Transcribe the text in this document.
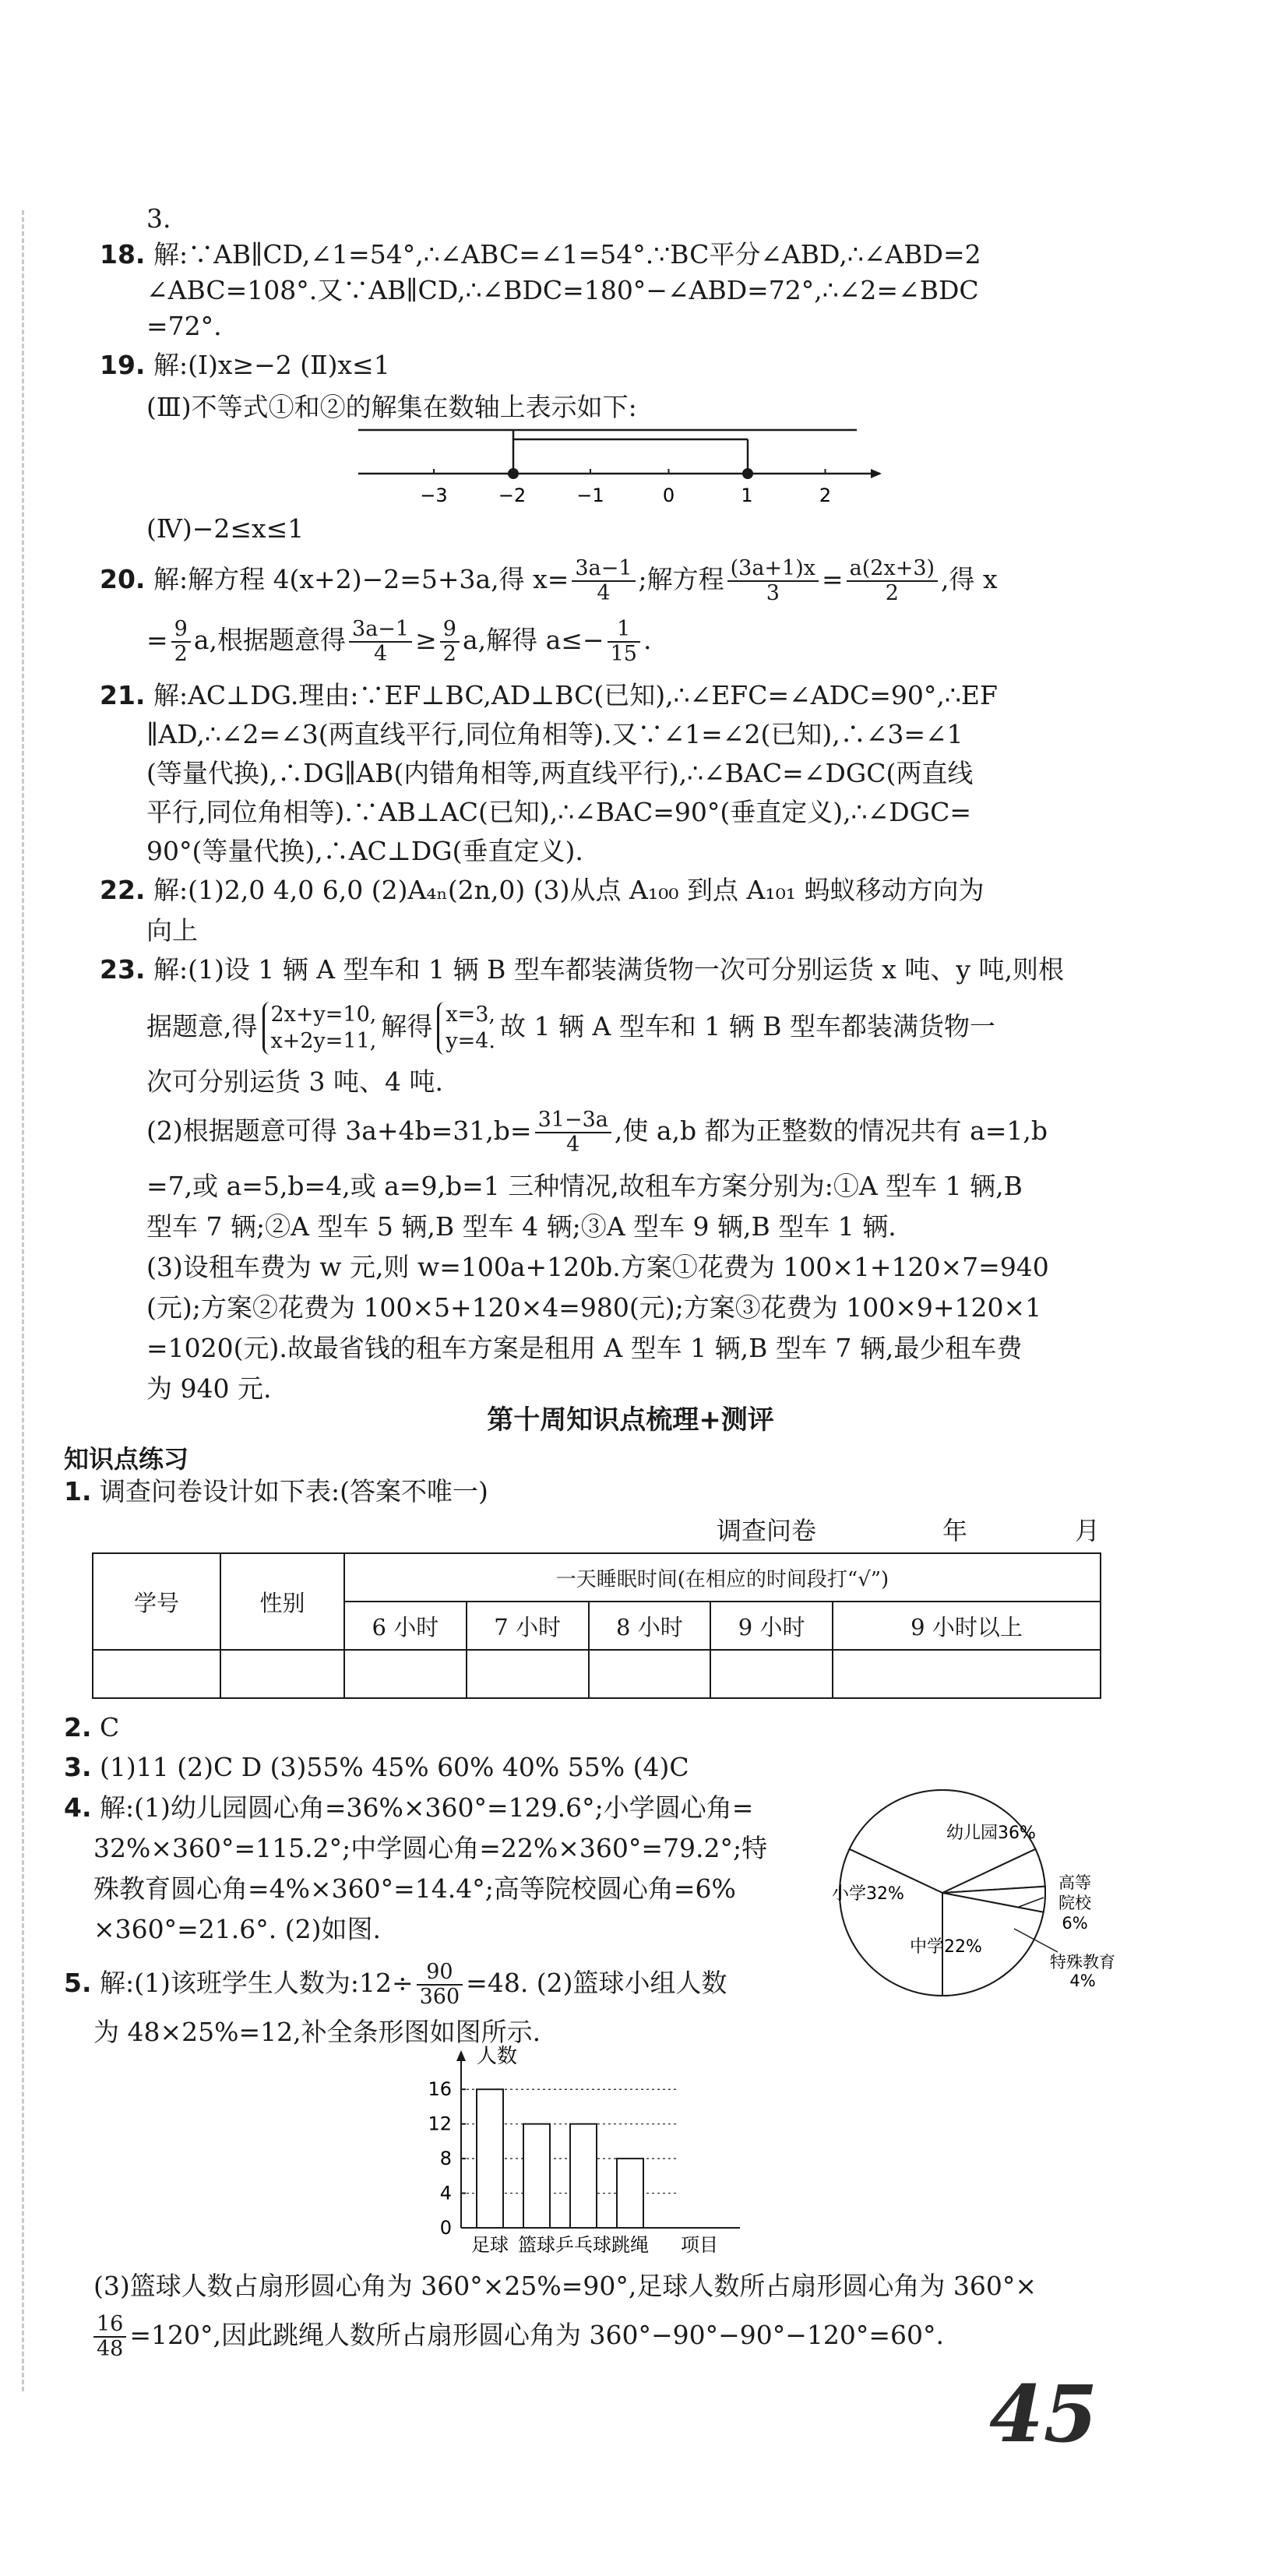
3.
18. 解:∵AB∥CD,∠1=54°,∴∠ABC=∠1=54°.∵BC平分∠ABD,∴∠ABD=2
∠ABC=108°.又∵AB∥CD,∴∠BDC=180°−∠ABD=72°,∴∠2=∠BDC
=72°.
19. 解:(Ⅰ)x≥−2 (Ⅱ)x≤1
(Ⅲ)不等式①和②的解集在数轴上表示如下:
−3	−2	−1	0	1	2
(Ⅳ)−2≤x≤1
20. 解:解方程 4(x+2)−2=5+3a,得 $x= \frac{3a-1}{4}$ ;解方程 $\frac{(3a+1)x}{3} = \frac{a(2x+3)}{2}$ ,得 x
= $\frac{9}{2} a$,根据题意得 $\frac{3a-1}{4} \ge \frac{9}{2} a$,解得 $a\le- \frac{1}{15}$ .
21. 解:AC⊥DG.理由:∵EF⊥BC,AD⊥BC(已知),∴∠EFC=∠ADC=90°,∴EF
∥AD,∴∠2=∠3(两直线平行,同位角相等).又∵∠1=∠2(已知),∴∠3=∠1
(等量代换),∴DG∥AB(内错角相等,两直线平行),∴∠BAC=∠DGC(两直线
平行,同位角相等).∵AB⊥AC(已知),∴∠BAC=90°(垂直定义),∴∠DGC=
90°(等量代换),∴AC⊥DG(垂直定义).
22. 解:(1)2,0 4,0 6,0 (2)A₄ₙ(2n,0) (3)从点 A₁₀₀ 到点 A₁₀₁ 蚂蚁移动方向为
向上
23. 解:(1)设 1 辆 A 型车和 1 辆 B 型车都装满货物一次可分别运货 x 吨、y 吨,则根
据题意,得 2x+y=10,
x+2y=11, 解得 x=3,
y=4. 故 1 辆 A 型车和 1 辆 B 型车都装满货物一
次可分别运货 3 吨、4 吨.
(2)根据题意可得 $3a+4b=31,b= \frac{31-3a}{4}$ ,使 a,b 都为正整数的情况共有 a=1,b
=7,或 a=5,b=4,或 a=9,b=1 三种情况,故租车方案分别为:①A 型车 1 辆,B
型车 7 辆;②A 型车 5 辆,B 型车 4 辆;③A 型车 9 辆,B 型车 1 辆.
(3)设租车费为 w 元,则 w=100a+120b.方案①花费为 100×1+120×7=940
(元);方案②花费为 100×5+120×4=980(元);方案③花费为 100×9+120×1
=1020(元).故最省钱的租车方案是租用 A 型车 1 辆,B 型车 7 辆,最少租车费
为 940 元.
第十周知识点梳理+测评
知识点练习
1. 调查问卷设计如下表:(答案不唯一)
调查问卷	年	月
学号	性别	一天睡眠时间(在相应的时间段打“√”)				
		6 小时	7 小时	8 小时	9 小时	9 小时以上

2. C
3. (1)11 (2)C D (3)55% 45% 60% 40% 55% (4)C
4. 解:(1)幼儿园圆心角=36%×360°=129.6°;小学圆心角=
32%×360°=115.2°;中学圆心角=22%×360°=79.2°;特
殊教育圆心角=4%×360°=14.4°;高等院校圆心角=6%
×360°=21.6°. (2)如图.
幼儿园36%
小学32%
中学22%
高等
院校
6%
特殊教育
4%
5. 解:(1)该班学生人数为:12÷ $\frac{90}{360} =48$. (2)篮球小组人数
为 48×25%=12,补全条形图如图所示.
人数
0
4
8
12
16
足球 篮球 乒乓球 跳绳 项目
(3)篮球人数占扇形圆心角为 360°×25%=90°,足球人数所占扇形圆心角为 360°×
$\frac{16}{48} =120^\circ$,因此跳绳人数所占扇形圆心角为 360°−90°−90°−120°=60°.
45
